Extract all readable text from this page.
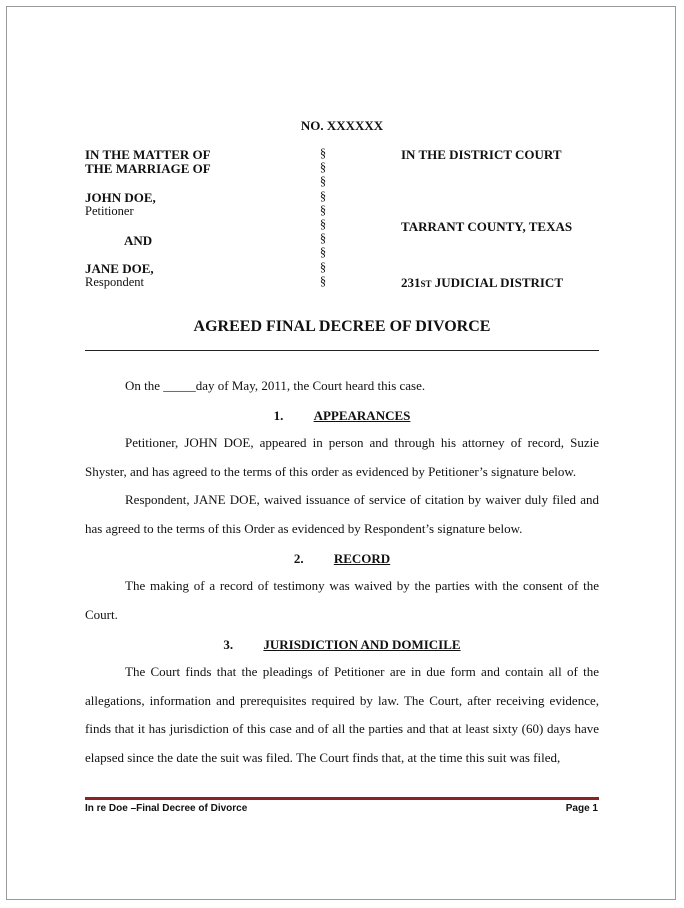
NO. XXXXXX
IN THE MATTER OF
THE MARRIAGE OF
JOHN DOE,
Petitioner
AND
JANE DOE,
Respondent
§
§
§
§
§
§
§
§
§
§
IN THE DISTRICT COURT
TARRANT COUNTY, TEXAS
231ST JUDICIAL DISTRICT
AGREED FINAL DECREE OF DIVORCE

On the _____day of May, 2011, the Court heard this case.

1. APPEARANCES

Petitioner, JOHN DOE, appeared in person and through his attorney of record, Suzie Shyster, and has agreed to the terms of this order as evidenced by Petitioner’s signature below.

Respondent, JANE DOE, waived issuance of service of citation by waiver duly filed and has agreed to the terms of this Order as evidenced by Respondent’s signature below.

2. RECORD

The making of a record of testimony was waived by the parties with the consent of the Court.

3. JURISDICTION AND DOMICILE

The Court finds that the pleadings of Petitioner are in due form and contain all of the allegations, information and prerequisites required by law. The Court, after receiving evidence, finds that it has jurisdiction of this case and of all the parties and that at least sixty (60) days have elapsed since the date the suit was filed. The Court finds that, at the time this suit was filed,

In re Doe –Final Decree of Divorce	Page 1
